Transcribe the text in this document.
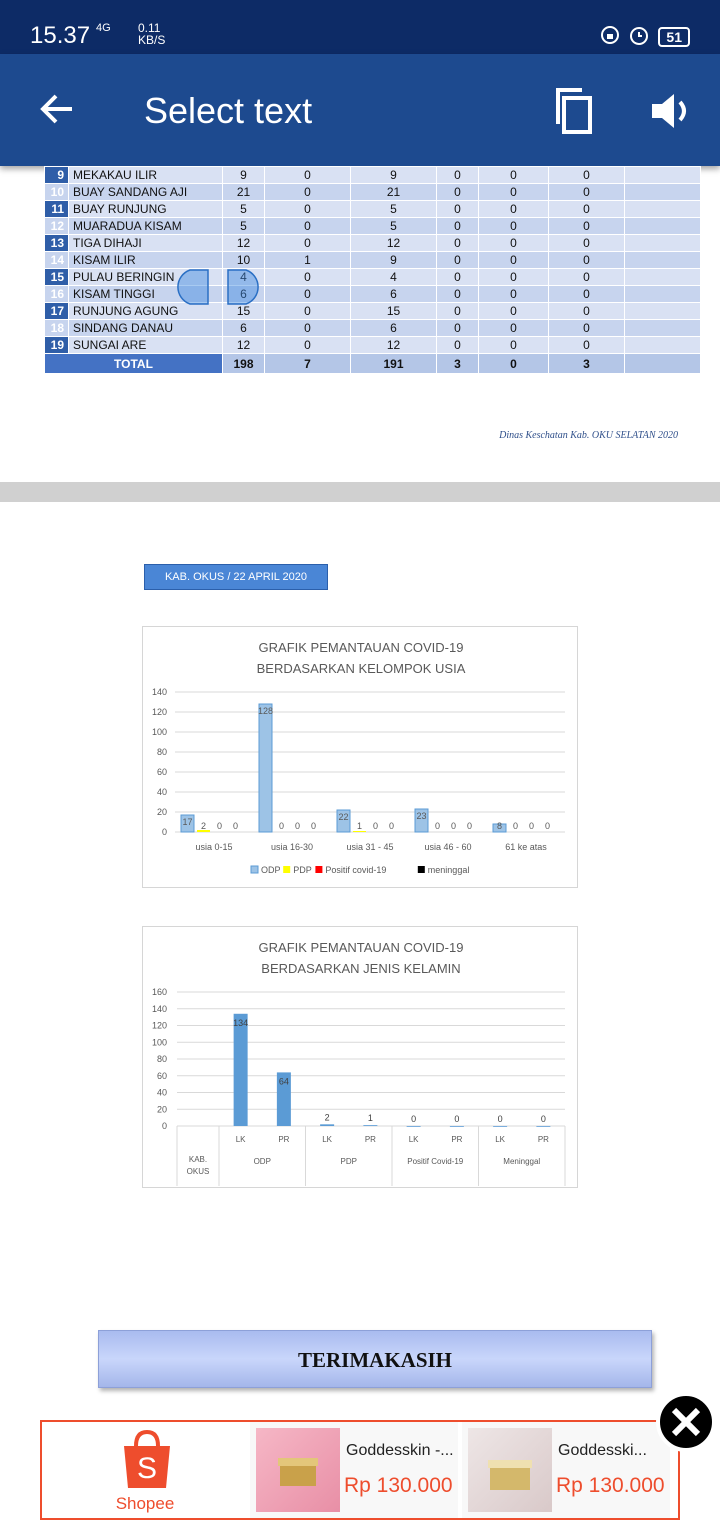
15.37 4G 0.11
KB/S	51
Select text
9	MEKAKAU ILIR	9	0	9	0	0	0	
10	BUAY SANDANG AJI	21	0	21	0	0	0	
11	BUAY RUNJUNG	5	0	5	0	0	0	
12	MUARADUA KISAM	5	0	5	0	0	0	
13	TIGA DIHAJI	12	0	12	0	0	0	
14	KISAM ILIR	10	1	9	0	0	0	
15	PULAU BERINGIN	4	0	4	0	0	0	
16	KISAM TINGGI	6	0	6	0	0	0	
17	RUNJUNG AGUNG	15	0	15	0	0	0	
18	SINDANG DANAU	6	0	6	0	0	0	
19	SUNGAI ARE	12	0	12	0	0	0	
TOTAL		198	7	191	3	0	3	
Dinas Keschatan Kab. OKU SELATAN 2020
KAB. OKUS / 22 APRIL 2020
GRAFIK PEMANTAUAN COVID-19
BERDASARKAN KELOMPOK USIA
0
20
40
60
80
100
120
140
17 2 0 0
usia 0-15
128
0 0 0
usia 16-30
22
1 0 0
usia 31 - 45
23
0 0 0
usia 46 - 60
8 0 0 0
61 ke atas
ODP PDP Positif covid-19	meninggal
GRAFIK PEMANTAUAN COVID-19
BERDASARKAN JENIS KELAMIN
0
20
40
60
80
100
120
140
160
KAB.
OKUS
ODP
134
LK
64
PR
PDP
2
LK
1
PR
Positif Covid-19
0
LK
0
PR
Meninggal
0
LK
0
PR
TERIMAKASIH
S
Shopee
Goddesskin -...
Rp 130.000
Goddesski...
Rp 130.000
